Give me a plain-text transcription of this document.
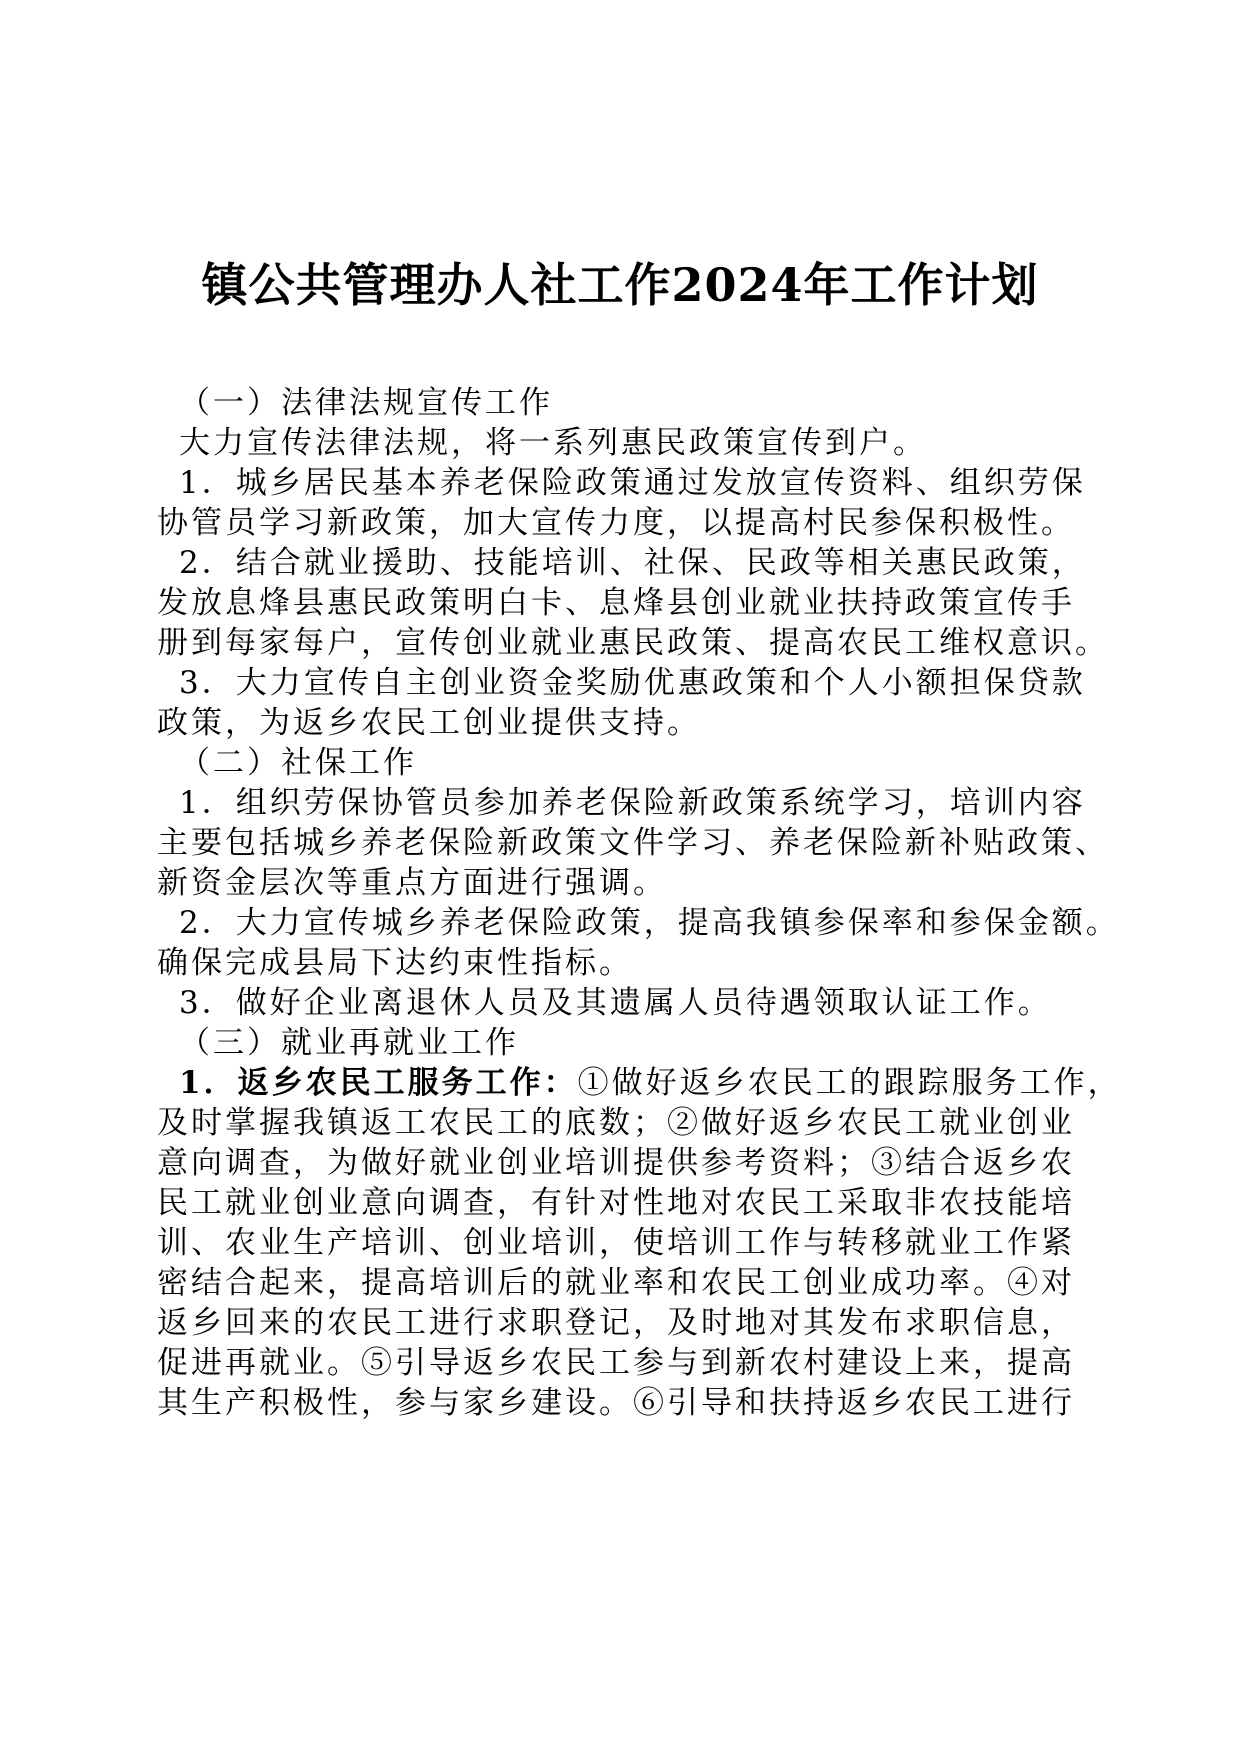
镇公共管理办人社工作2024年工作计划
（一）法律法规宣传工作
大力宣传法律法规，将一系列惠民政策宣传到户。
1．城乡居民基本养老保险政策通过发放宣传资料、组织劳保
协管员学习新政策，加大宣传力度，以提高村民参保积极性。
2．结合就业援助、技能培训、社保、民政等相关惠民政策，
发放息烽县惠民政策明白卡、息烽县创业就业扶持政策宣传手
册到每家每户，宣传创业就业惠民政策、提高农民工维权意识。
3．大力宣传自主创业资金奖励优惠政策和个人小额担保贷款
政策，为返乡农民工创业提供支持。
（二）社保工作
1．组织劳保协管员参加养老保险新政策系统学习，培训内容
主要包括城乡养老保险新政策文件学习、养老保险新补贴政策、
新资金层次等重点方面进行强调。
2．大力宣传城乡养老保险政策，提高我镇参保率和参保金额。
确保完成县局下达约束性指标。
3．做好企业离退休人员及其遗属人员待遇领取认证工作。
（三）就业再就业工作
1．返乡农民工服务工作：①做好返乡农民工的跟踪服务工作，
及时掌握我镇返工农民工的底数；②做好返乡农民工就业创业
意向调查，为做好就业创业培训提供参考资料；③结合返乡农
民工就业创业意向调查，有针对性地对农民工采取非农技能培
训、农业生产培训、创业培训，使培训工作与转移就业工作紧
密结合起来，提高培训后的就业率和农民工创业成功率。④对
返乡回来的农民工进行求职登记，及时地对其发布求职信息，
促进再就业。⑤引导返乡农民工参与到新农村建设上来，提高
其生产积极性，参与家乡建设。⑥引导和扶持返乡农民工进行
